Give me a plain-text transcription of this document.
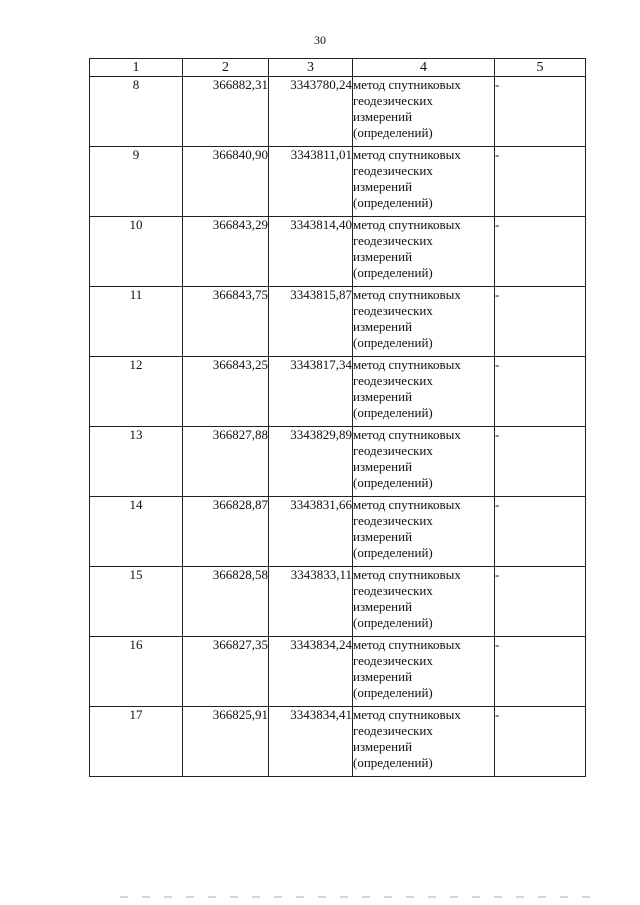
30
1	2	3	4	5
8	366882,31	3343780,24	метод спутниковых геодезических измерений (определений)	-
9	366840,90	3343811,01	метод спутниковых геодезических измерений (определений)	-
10	366843,29	3343814,40	метод спутниковых геодезических измерений (определений)	-
11	366843,75	3343815,87	метод спутниковых геодезических измерений (определений)	-
12	366843,25	3343817,34	метод спутниковых геодезических измерений (определений)	-
13	366827,88	3343829,89	метод спутниковых геодезических измерений (определений)	-
14	366828,87	3343831,66	метод спутниковых геодезических измерений (определений)	-
15	366828,58	3343833,11	метод спутниковых геодезических измерений (определений)	-
16	366827,35	3343834,24	метод спутниковых геодезических измерений (определений)	-
17	366825,91	3343834,41	метод спутниковых геодезических измерений (определений)	-
